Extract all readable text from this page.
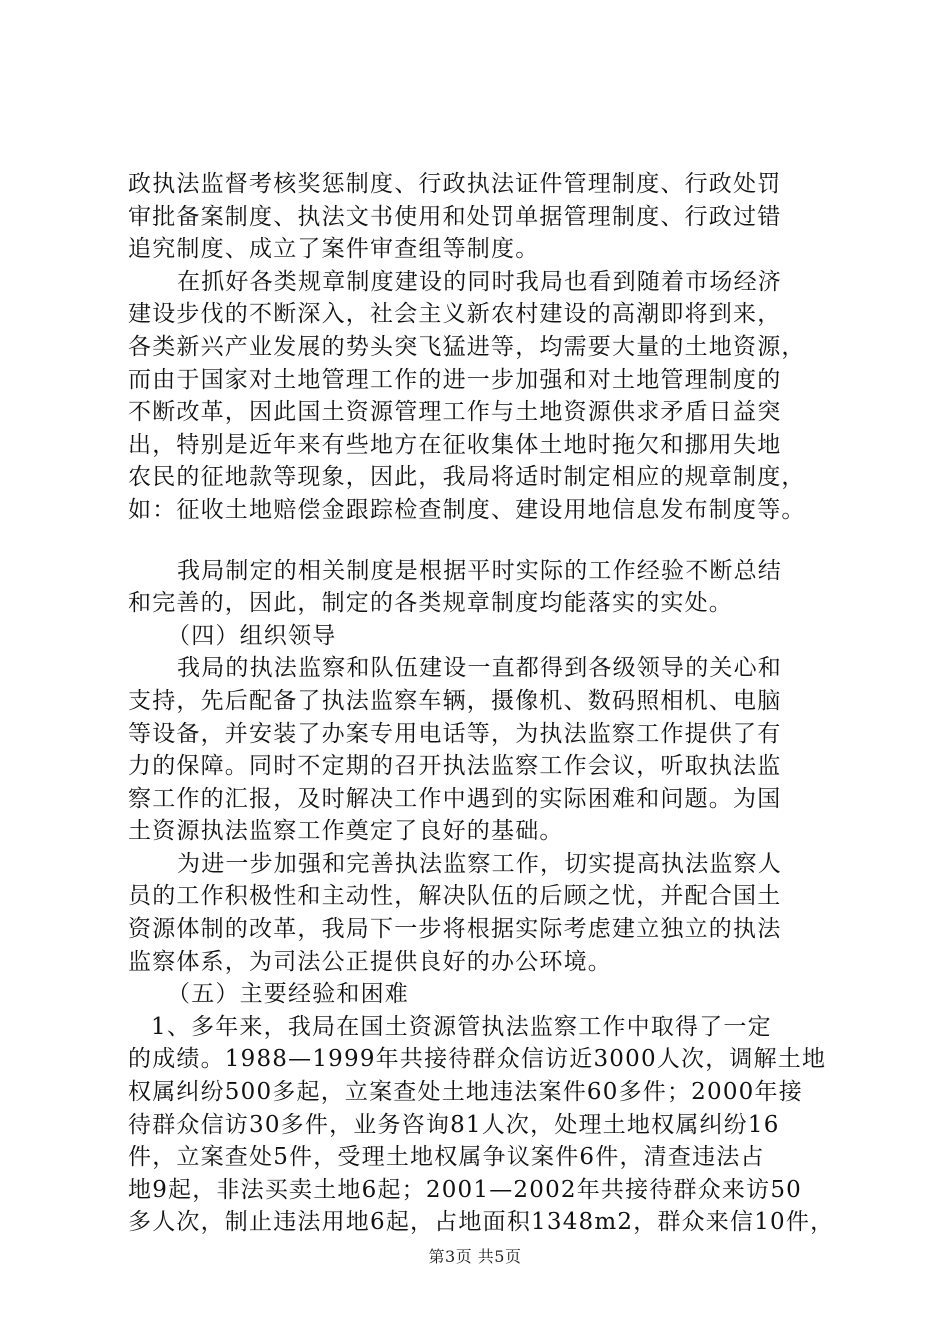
政执法监督考核奖惩制度、行政执法证件管理制度、行政处罚
审批备案制度、执法文书使用和处罚单据管理制度、行政过错
追究制度、成立了案件审查组等制度。
在抓好各类规章制度建设的同时我局也看到随着市场经济
建设步伐的不断深入，社会主义新农村建设的高潮即将到来，
各类新兴产业发展的势头突飞猛进等，均需要大量的土地资源，
而由于国家对土地管理工作的进一步加强和对土地管理制度的
不断改革，因此国土资源管理工作与土地资源供求矛盾日益突
出，特别是近年来有些地方在征收集体土地时拖欠和挪用失地
农民的征地款等现象，因此，我局将适时制定相应的规章制度，
如：征收土地赔偿金跟踪检查制度、建设用地信息发布制度等。
我局制定的相关制度是根据平时实际的工作经验不断总结
和完善的，因此，制定的各类规章制度均能落实的实处。
（四）组织领导
我局的执法监察和队伍建设一直都得到各级领导的关心和
支持，先后配备了执法监察车辆，摄像机、数码照相机、电脑
等设备，并安装了办案专用电话等，为执法监察工作提供了有
力的保障。同时不定期的召开执法监察工作会议，听取执法监
察工作的汇报，及时解决工作中遇到的实际困难和问题。为国
土资源执法监察工作奠定了良好的基础。
为进一步加强和完善执法监察工作，切实提高执法监察人
员的工作积极性和主动性，解决队伍的后顾之忧，并配合国土
资源体制的改革，我局下一步将根据实际考虑建立独立的执法
监察体系，为司法公正提供良好的办公环境。
（五）主要经验和困难
1、多年来，我局在国土资源管执法监察工作中取得了一定
的成绩。1988—1999年共接待群众信访近3000人次，调解土地
权属纠纷500多起，立案查处土地违法案件60多件；2000年接
待群众信访30多件，业务咨询81人次，处理土地权属纠纷16
件，立案查处5件，受理土地权属争议案件6件，清查违法占
地9起，非法买卖土地6起；2001—2002年共接待群众来访50
多人次，制止违法用地6起，占地面积1348m2，群众来信10件，
第3页 共5页
